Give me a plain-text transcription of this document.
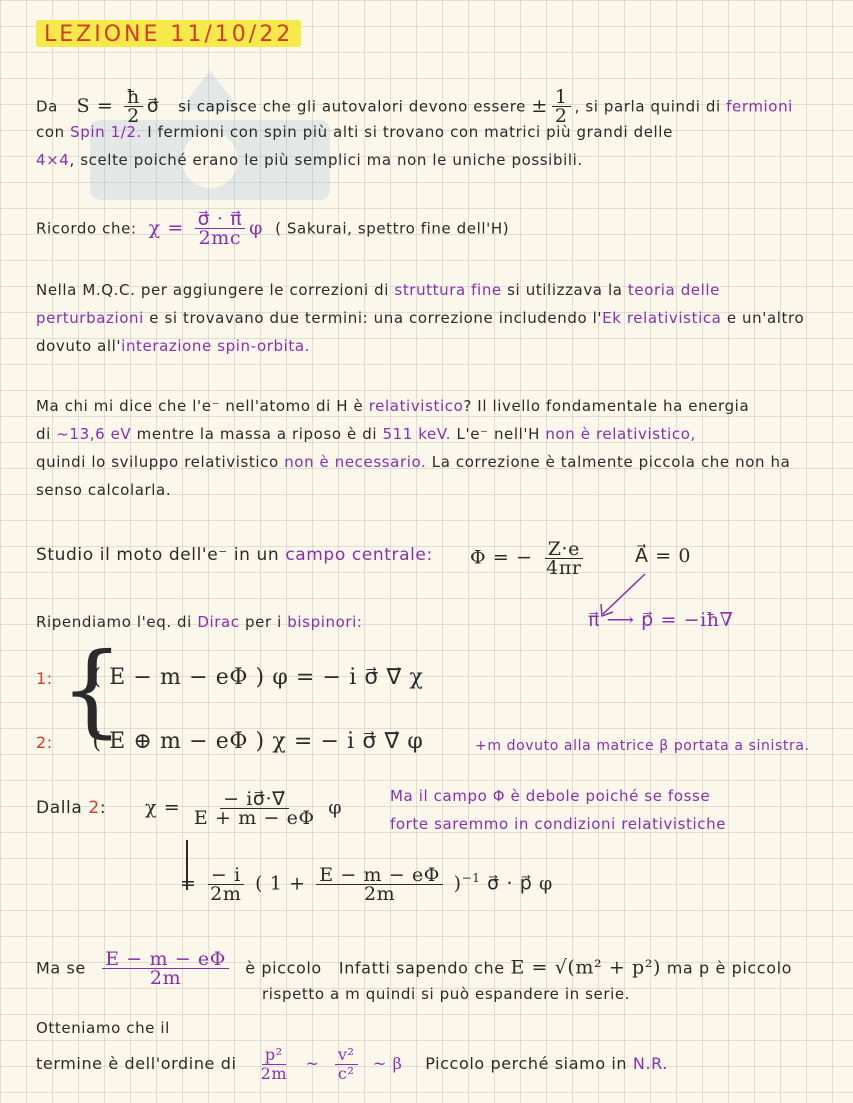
LEZIONE 11/10/22
Da   $S = \frac{ħ}{2}$ σ⃗   si capisce che gli autovalori devono essere ± $\frac{1}{2}$ , si parla quindi di fermioni
con Spin 1/2. I fermioni con spin più alti si trovano con matrici più grandi delle
4×4, scelte poiché erano le più semplici ma non le uniche possibili.
Ricordo che:  $\chi = \frac{\sigma⃗ \cdot \pi⃗}{2mc}$ φ  ( Sakurai, spettro fine dell'H)
Nella M.Q.C. per aggiungere le correzioni di struttura fine si utilizzava la teoria delle
perturbazioni e si trovavano due termini: una correzione includendo l'Ek relativistica e un'altro
dovuto all'interazione spin-orbita.
Ma chi mi dice che l'e⁻ nell'atomo di H è relativistico? Il livello fondamentale ha energia
di ~13,6 eV mentre la massa a riposo è di 511 keV. L'e⁻ nell'H non è relativistico,
quindi lo sviluppo relativistico non è necessario. La correzione è talmente piccola che non ha
senso calcolarla.
Studio il moto dell'e⁻ in un campo centrale: Φ = − $\frac{Z\cdot e}{4\pi r}$	A⃗ = 0
Ripendiamo l'eq. di Dirac per i bispinori:	π⃗ ⟶ p⃗ = −iħ∇
{
1: ( E − m − eΦ ) φ = − i σ⃗ ∇⃗ χ
2: ( E ⊕ m − eΦ ) χ = − i σ⃗ ∇⃗ φ	+m dovuto alla matrice β portata a sinistra.
Dalla 2: $\chi = \frac{- i\sigma⃗\cdot\nabla⃗}{E + m - e\Phi}$ φ
Ma il campo Φ è debole poiché se fosse
forte saremmo in condizioni relativistiche
= $\frac{- i}{2m}$ ( $1 + \frac{E - m - e\Phi}{2m} )^{-1}$ σ⃗ · p⃗ φ
Ma se $\frac{E - m - e\Phi}{2m}$ è piccolo Infatti sapendo che E = √(m² + p²) ma p è piccolo
rispetto a m quindi si può espandere in serie.
Otteniamo che il
termine è dell'ordine di $\frac{\text{p²}}{2m}$ ~ $\frac{\text{v²}}{\text{c²}}$ ~ β    Piccolo perché siamo in N.R.
